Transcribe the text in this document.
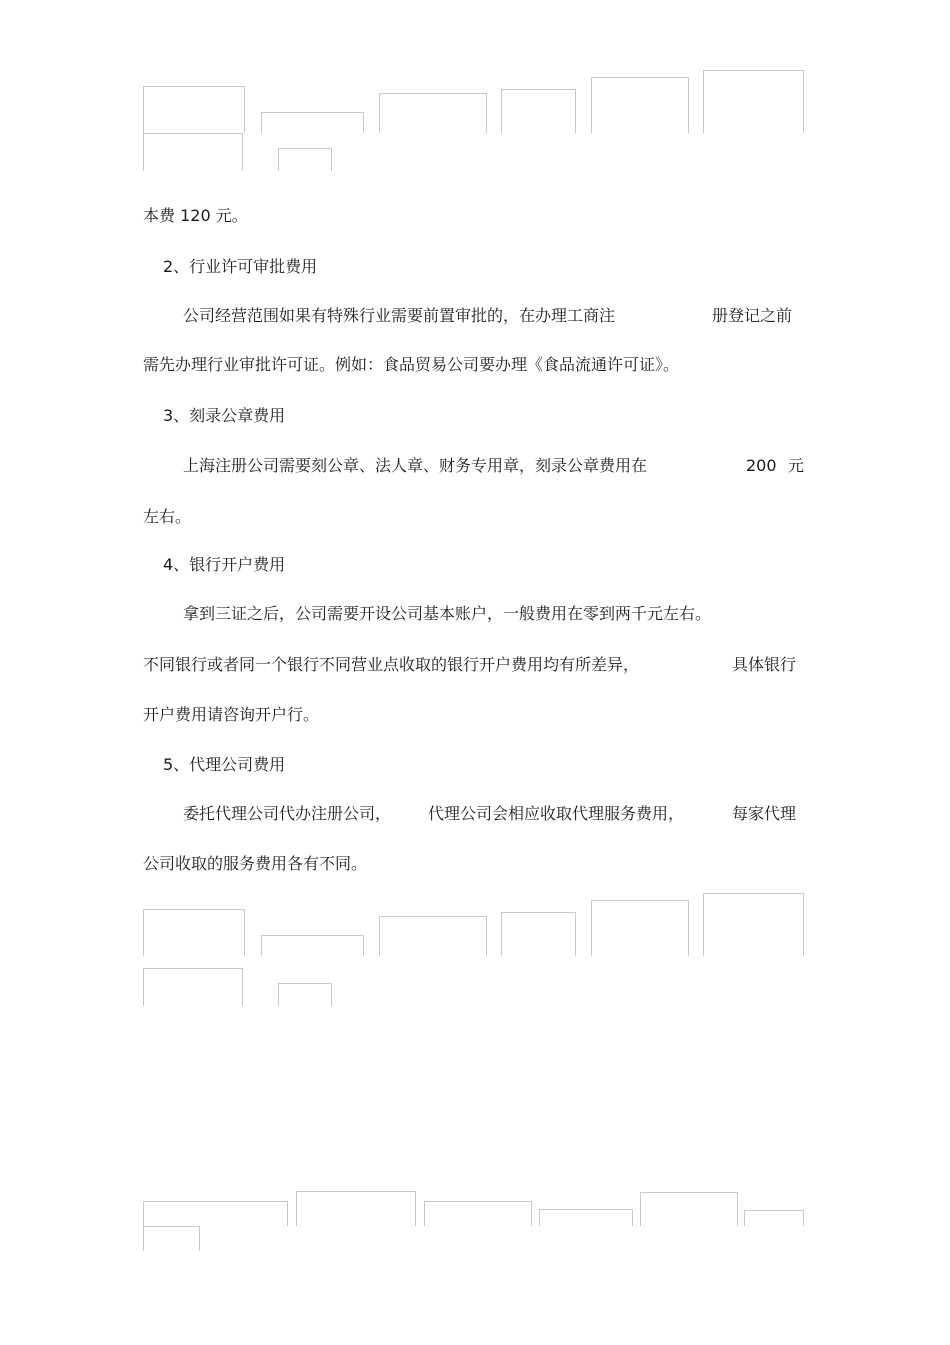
本费 120 元。
2、行业许可审批费用
公司经营范围如果有特殊行业需要前置审批的，在办理工商注	册登记之前
需先办理行业审批许可证。例如：食品贸易公司要办理《食品流通许可证》。
3、刻录公章费用
上海注册公司需要刻公章、法人章、财务专用章，刻录公章费用在	200 元
左右。
4、银行开户费用
拿到三证之后，公司需要开设公司基本账户，一般费用在零到两千元左右。
不同银行或者同一个银行不同营业点收取的银行开户费用均有所差异，	具体银行
开户费用请咨询开户行。
5、代理公司费用
委托代理公司代办注册公司， 代理公司会相应收取代理服务费用，	每家代理
公司收取的服务费用各有不同。
